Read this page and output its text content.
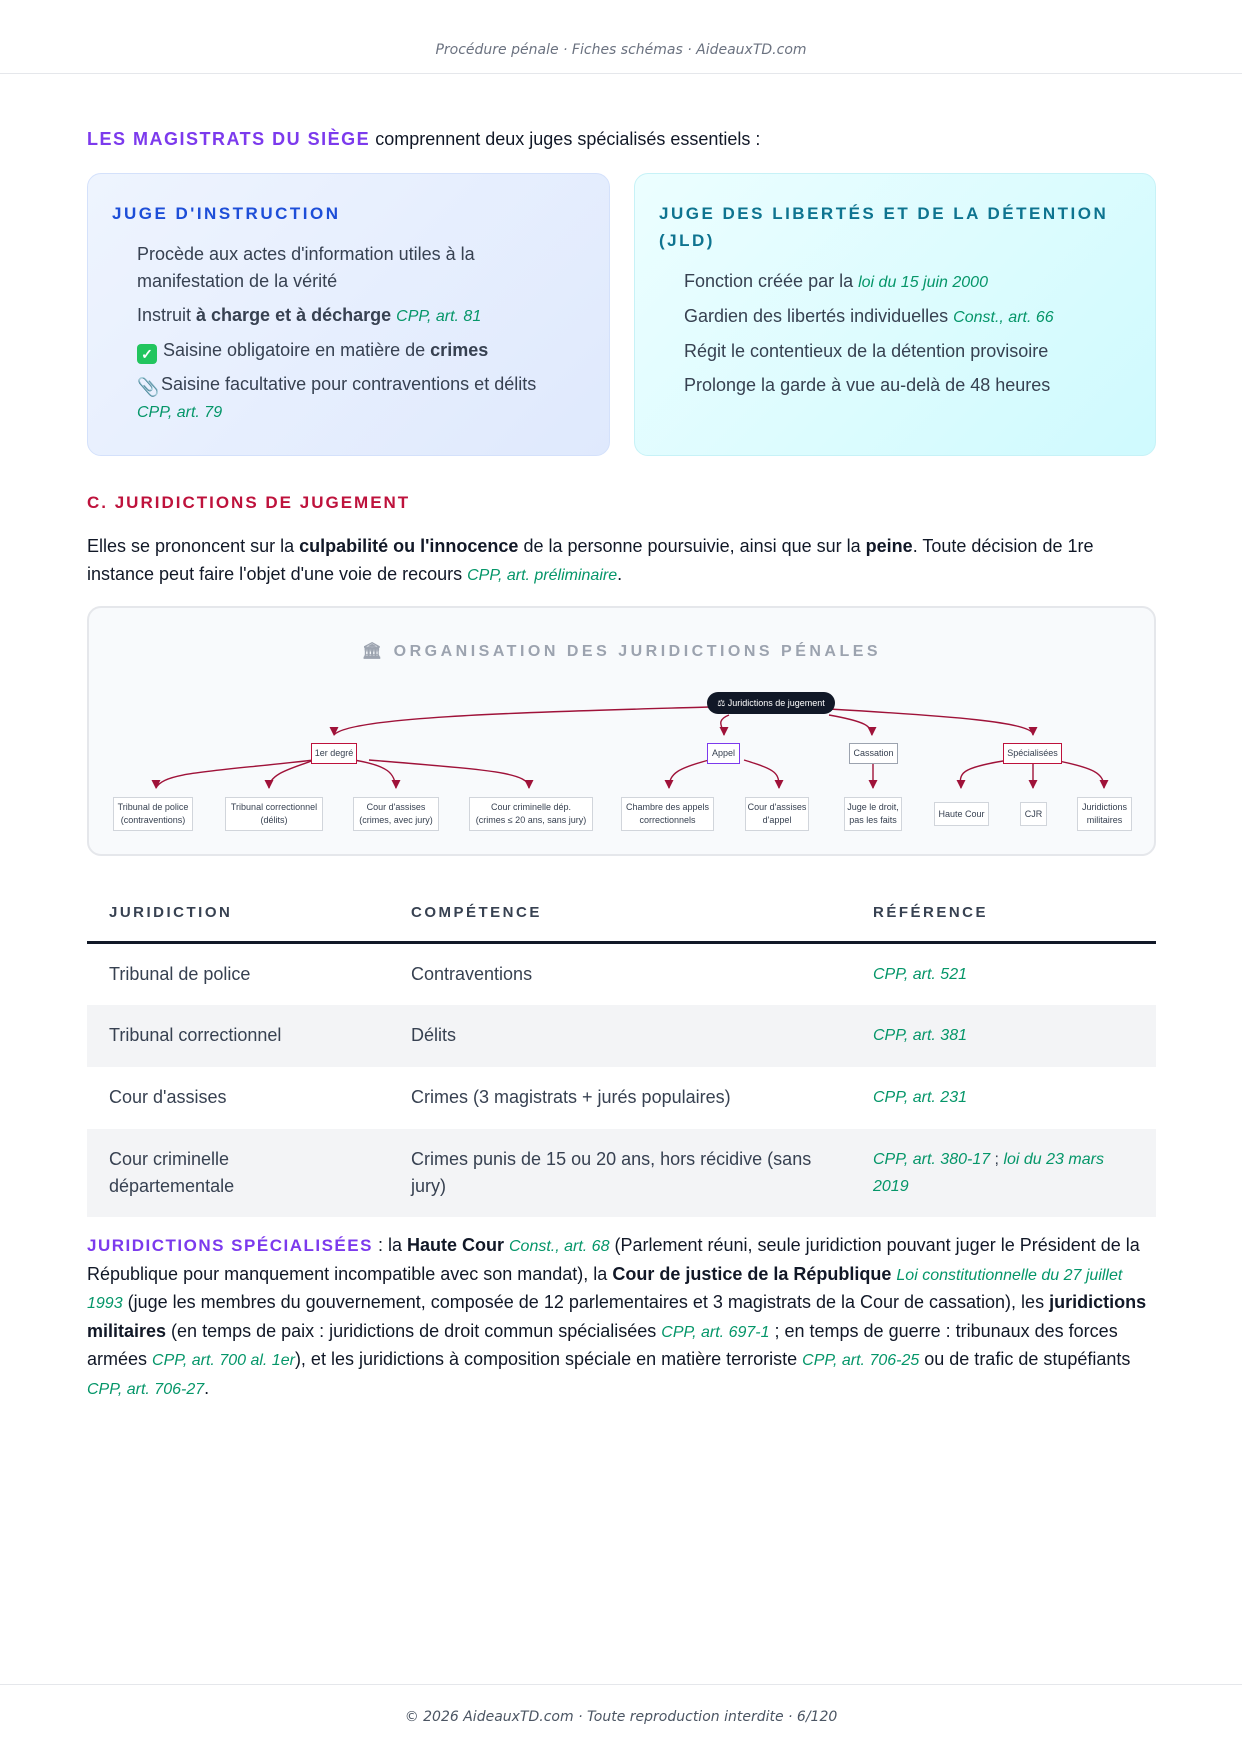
Procédure pénale · Fiches schémas · AideauxTD.com
LES MAGISTRATS DU SIÈGE comprennent deux juges spécialisés essentiels :
JUGE D'INSTRUCTION
Procède aux actes d'information utiles à la manifestation de la vérité
Instruit à charge et à décharge CPP, art. 81
✓ Saisine obligatoire en matière de crimes
📎Saisine facultative pour contraventions et délits
CPP, art. 79
JUGE DES LIBERTÉS ET DE LA DÉTENTION (JLD)
Fonction créée par la loi du 15 juin 2000
Gardien des libertés individuelles Const., art. 66
Régit le contentieux de la détention provisoire
Prolonge la garde à vue au-delà de 48 heures
C. JURIDICTIONS DE JUGEMENT
Elles se prononcent sur la culpabilité ou l'innocence de la personne poursuivie, ainsi que sur la peine. Toute décision de 1re instance peut faire l'objet d'une voie de recours CPP, art. préliminaire.
🏛 ORGANISATION DES JURIDICTIONS PÉNALES
⚖ Juridictions de jugement
1er degré	Appel	Cassation	Spécialisées
Tribunal de police
(contraventions)
Tribunal correctionnel
(délits)
Cour d'assises
(crimes, avec jury)
Cour criminelle dép.
(crimes ≤ 20 ans, sans jury)
Chambre des appels
correctionnels
Cour d'assises
d'appel
Juge le droit,
pas les faits
Haute Cour	CJR
Juridictions
militaires
JURIDICTION	COMPÉTENCE	RÉFÉRENCE
Tribunal de police	Contraventions	CPP, art. 521
Tribunal correctionnel	Délits	CPP, art. 381
Cour d'assises	Crimes (3 magistrats + jurés populaires)	CPP, art. 231
Cour criminelle départementale	Crimes punis de 15 ou 20 ans, hors récidive (sans jury)	CPP, art. 380-17 ; loi du 23 mars 2019
JURIDICTIONS SPÉCIALISÉES : la Haute Cour Const., art. 68 (Parlement réuni, seule juridiction pouvant juger le Président de la République pour manquement incompatible avec son mandat), la Cour de justice de la République Loi constitutionnelle du 27 juillet 1993 (juge les membres du gouvernement, composée de 12 parlementaires et 3 magistrats de la Cour de cassation), les juridictions militaires (en temps de paix : juridictions de droit commun spécialisées CPP, art. 697-1 ; en temps de guerre : tribunaux des forces armées CPP, art. 700 al. 1er), et les juridictions à composition spéciale en matière terroriste CPP, art. 706-25 ou de trafic de stupéfiants CPP, art. 706-27.
© 2026 AideauxTD.com · Toute reproduction interdite · 6/120
